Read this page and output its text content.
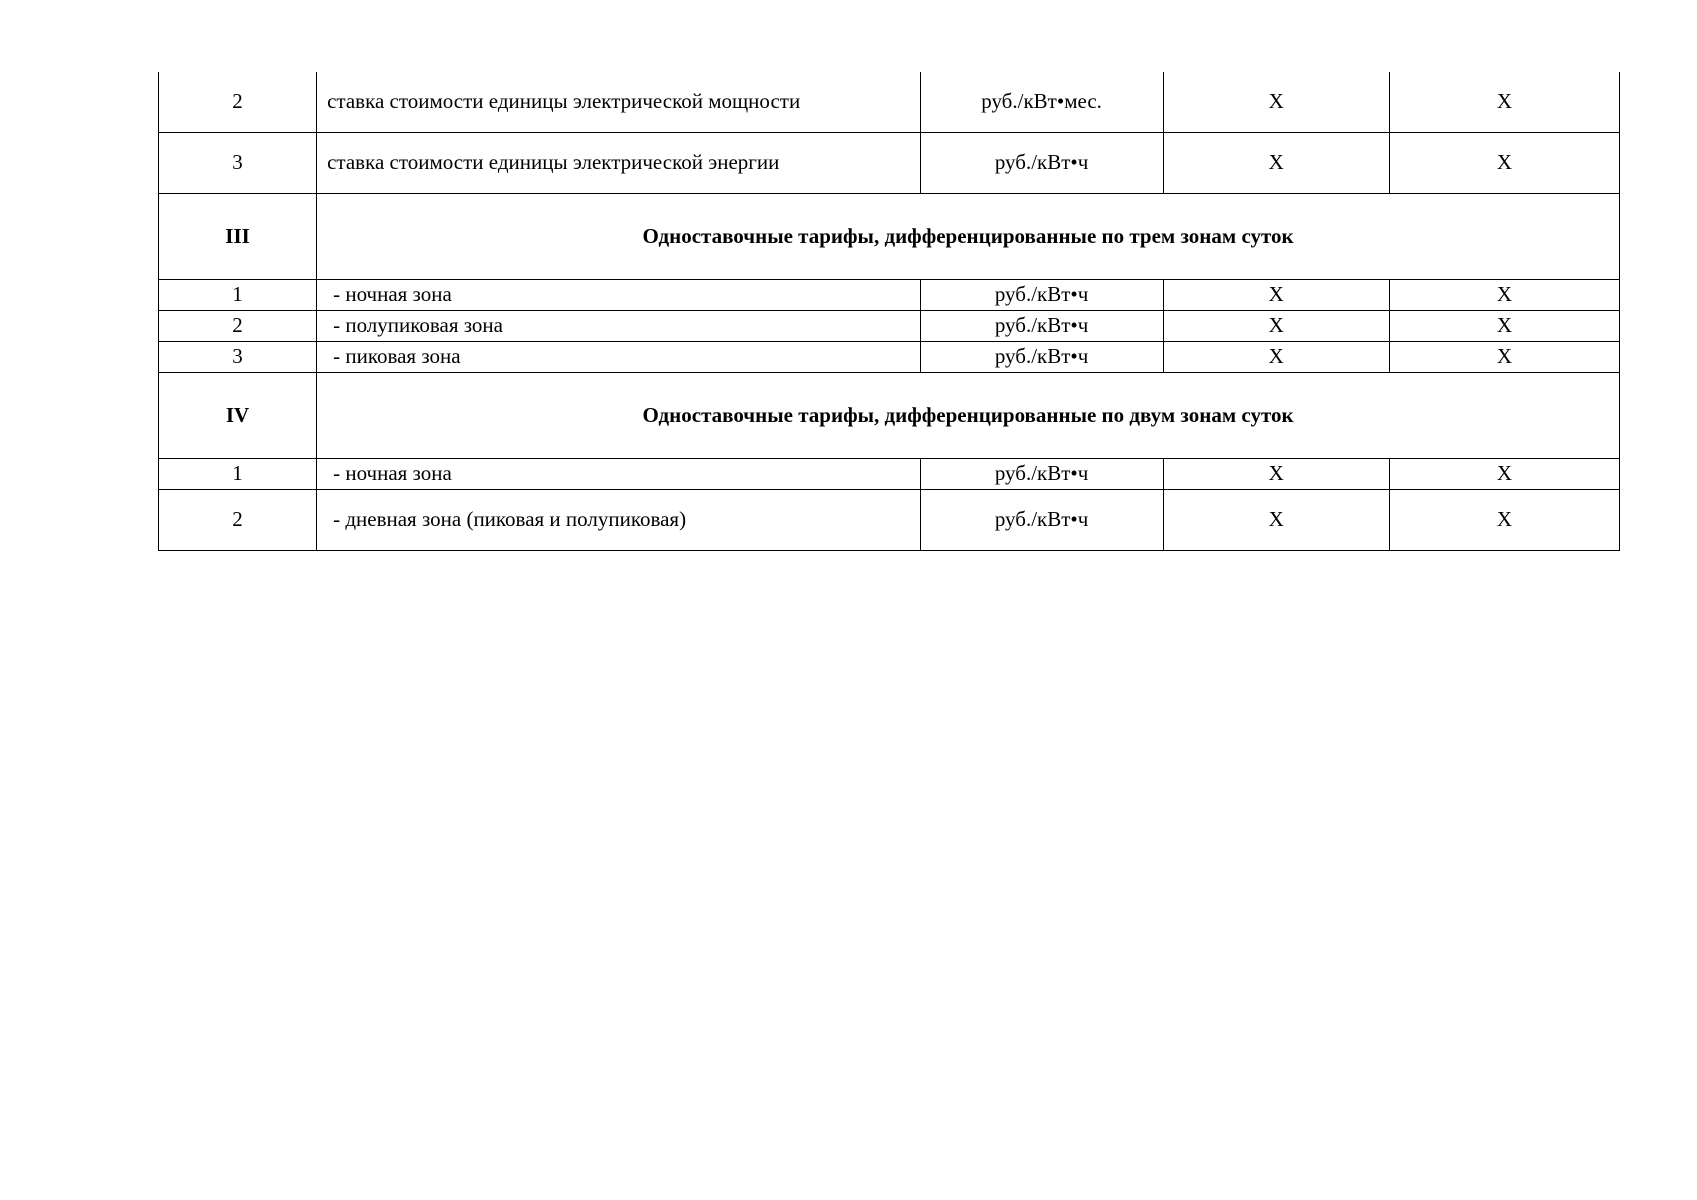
2	ставка стоимости единицы электрической мощности	руб./кВт•мес.	Х	Х
3	ставка стоимости единицы электрической энергии	руб./кВт•ч	Х	Х
III	Одноставочные тарифы, дифференцированные по трем зонам суток			
1	- ночная зона	руб./кВт•ч	Х	Х
2	- полупиковая зона	руб./кВт•ч	Х	Х
3	- пиковая зона	руб./кВт•ч	Х	Х
IV	Одноставочные тарифы, дифференцированные по двум зонам суток			
1	- ночная зона	руб./кВт•ч	Х	Х
2	- дневная зона (пиковая и полупиковая)	руб./кВт•ч	Х	Х
